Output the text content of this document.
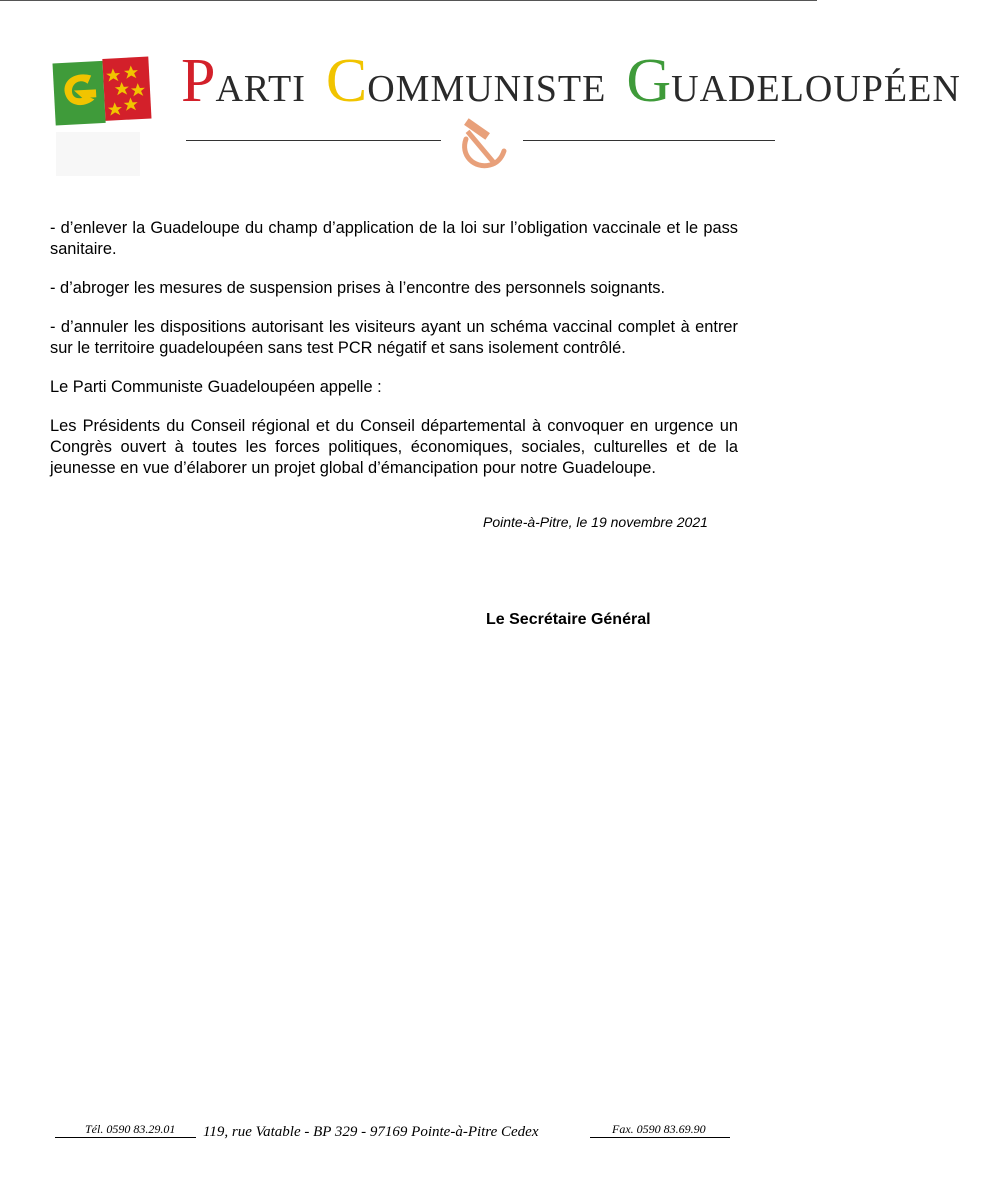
PARTI COMMUNISTE GUADELOUPÉEN

- d’enlever la Guadeloupe du champ d’application de la loi sur l’obligation vaccinale et le pass sanitaire.

- d’abroger les mesures de suspension prises à l’encontre des personnels soignants.

- d’annuler les dispositions autorisant les visiteurs ayant un schéma vaccinal complet à entrer sur le territoire guadeloupéen sans test PCR négatif et sans isolement contrôlé.

Le Parti Communiste Guadeloupéen appelle :

Les Présidents du Conseil régional et du Conseil départemental à convoquer en urgence un Congrès ouvert à toutes les forces politiques, économiques, sociales, culturelles et de la jeunesse en vue d’élaborer un projet global d’émancipation pour notre Guadeloupe.

Pointe-à-Pitre, le 19 novembre 2021
Le Secrétaire Général
Tél. 0590 83.29.01 119, rue Vatable - BP 329 - 97169 Pointe-à-Pitre Cedex	Fax. 0590 83.69.90
